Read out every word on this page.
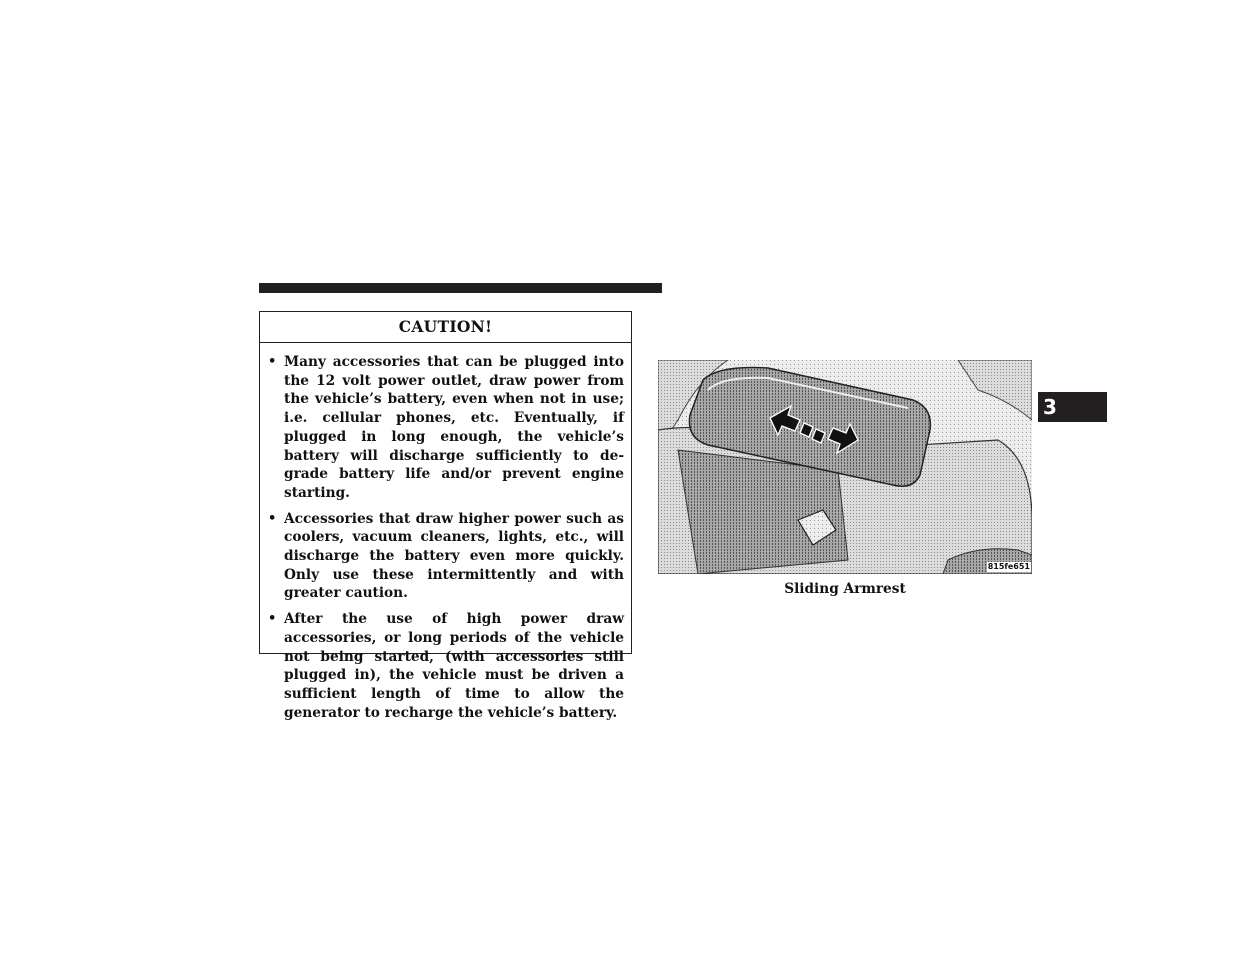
CAUTION!
• Many accessories that can be plugged into the 12 volt power outlet, draw power from the vehicle’s battery, even when not in use; i.e. cellular phones, etc. Eventually, if plugged in long enough, the vehicle’s battery will discharge sufficiently to degrade battery life and/or prevent engine starting.
• Accessories that draw higher power such as coolers, vacuum cleaners, lights, etc., will discharge the battery even more quickly. Only use these intermittently and with greater caution.
• After the use of high power draw accessories, or long periods of the vehicle not being started, (with accessories still plugged in), the vehicle must be driven a sufficient length of time to allow the generator to recharge the vehicle’s battery.
815fe651
Sliding Armrest
3
